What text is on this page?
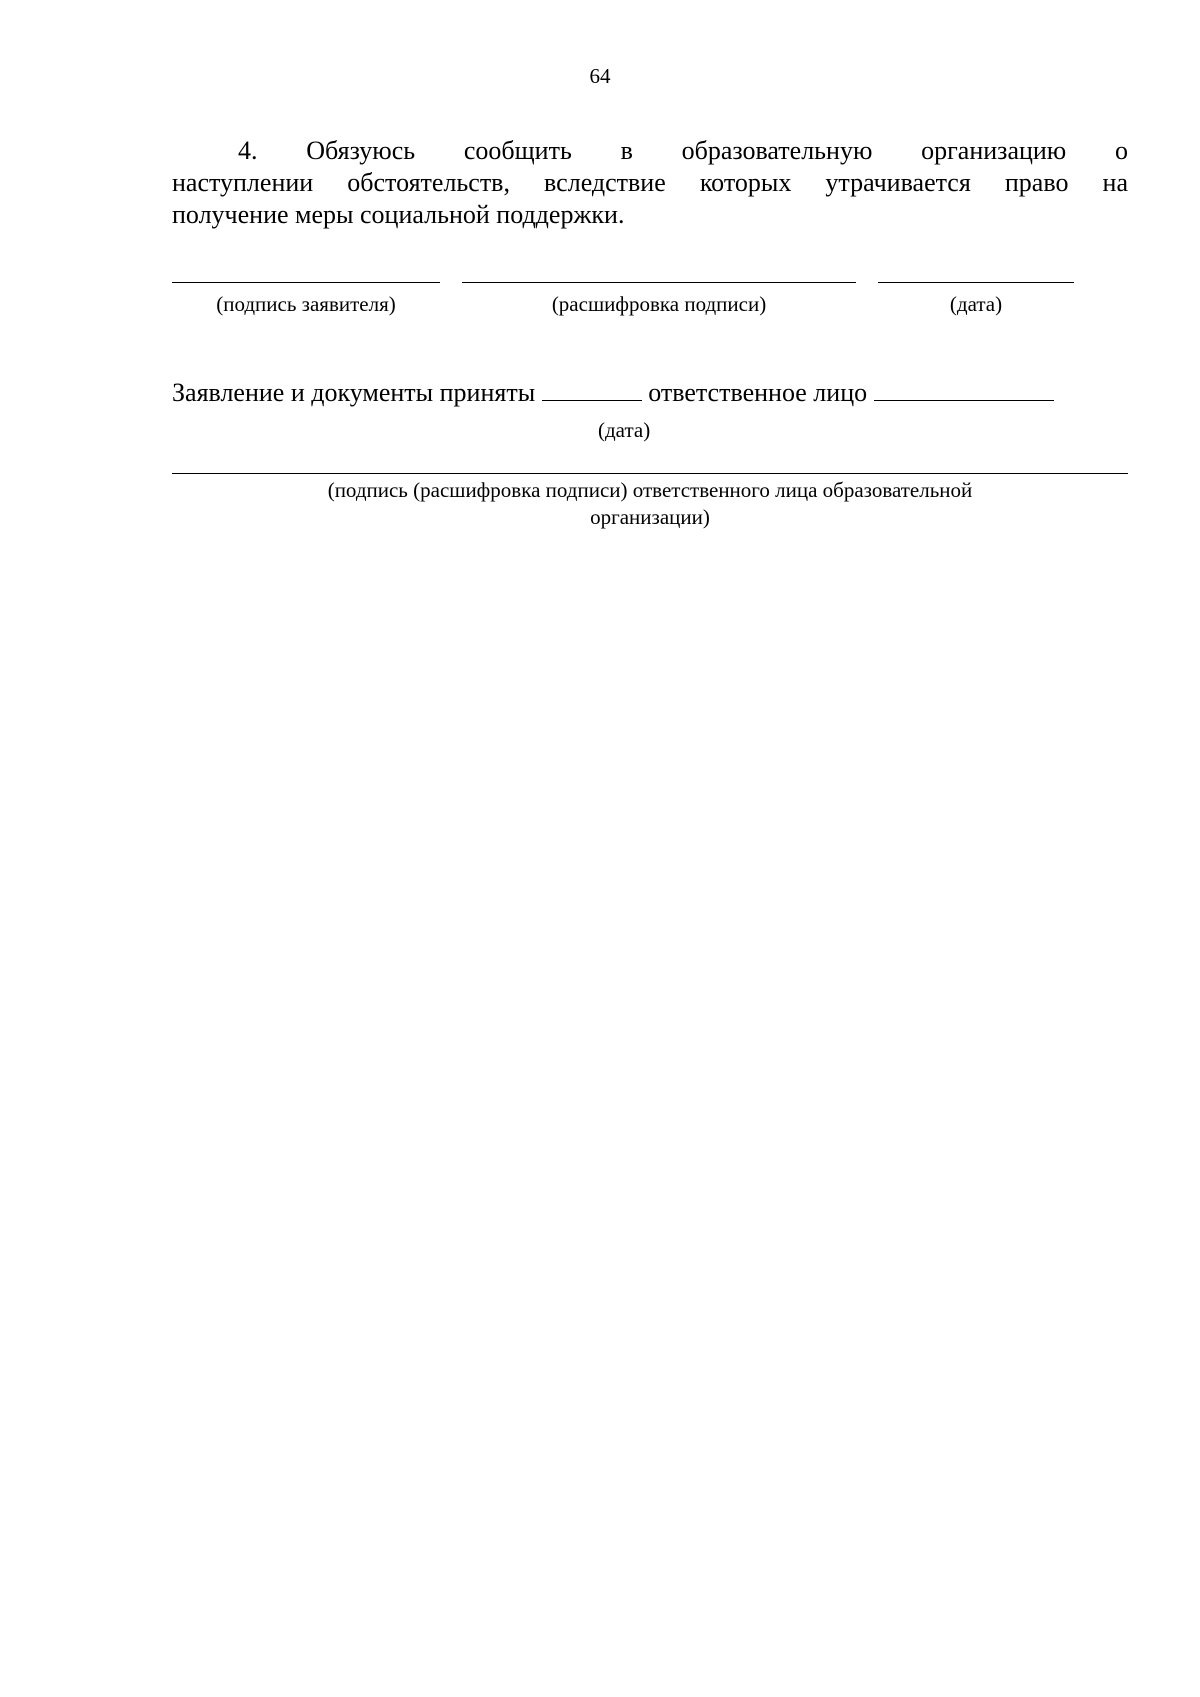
64
4. Обязуюсь сообщить в образовательную организацию о
наступлении обстоятельств, вследствие которых утрачивается право на
получение меры социальной поддержки.
(подпись заявителя)	(расшифровка подписи)	(дата)
Заявление и документы приняты	ответственное лицо
(дата)
(подпись (расшифровка подписи) ответственного лица образовательной
организации)
